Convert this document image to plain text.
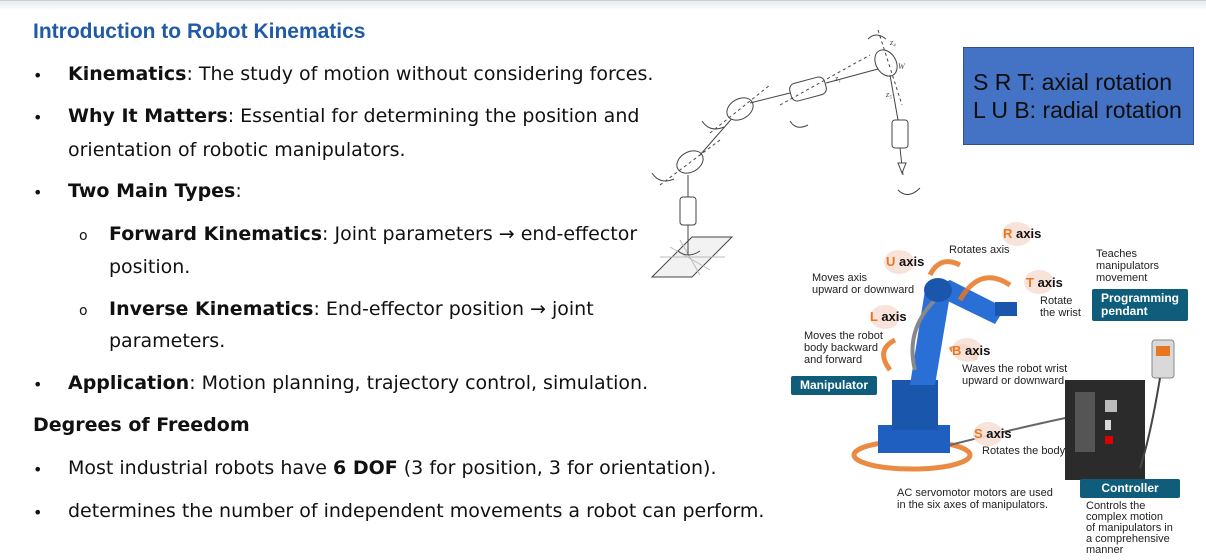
Introduction to Robot Kinematics
• Kinematics: The study of motion without considering forces.
• Why It Matters: Essential for determining the position and
orientation of robotic manipulators.
• Two Main Types:
o Forward Kinematics: Joint parameters → end-effector
position.
o Inverse Kinematics: End-effector position → joint
parameters.
• Application: Motion planning, trajectory control, simulation.
Degrees of Freedom
• Most industrial robots have 6 DOF (3 for position, 3 for orientation).
• determines the number of independent movements a robot can perform.
z₁
z₄
z₅
W
S R T: axial rotation
L U B: radial rotation
R axis
Rotates axis
U axis
Moves axis
upward or downward	T axis
Rotate
the wrist
L axis
Moves the robot
body backward
and forward
B axis
Waves the robot wrist
upward or downward
S axis
Rotates the body
Teaches
manipulators
movement
Programming
pendant
Manipulator
Controller
Controls the
complex motion
of manipulators in
a comprehensive
manner
AC servomotor motors are used
in the six axes of manipulators.
